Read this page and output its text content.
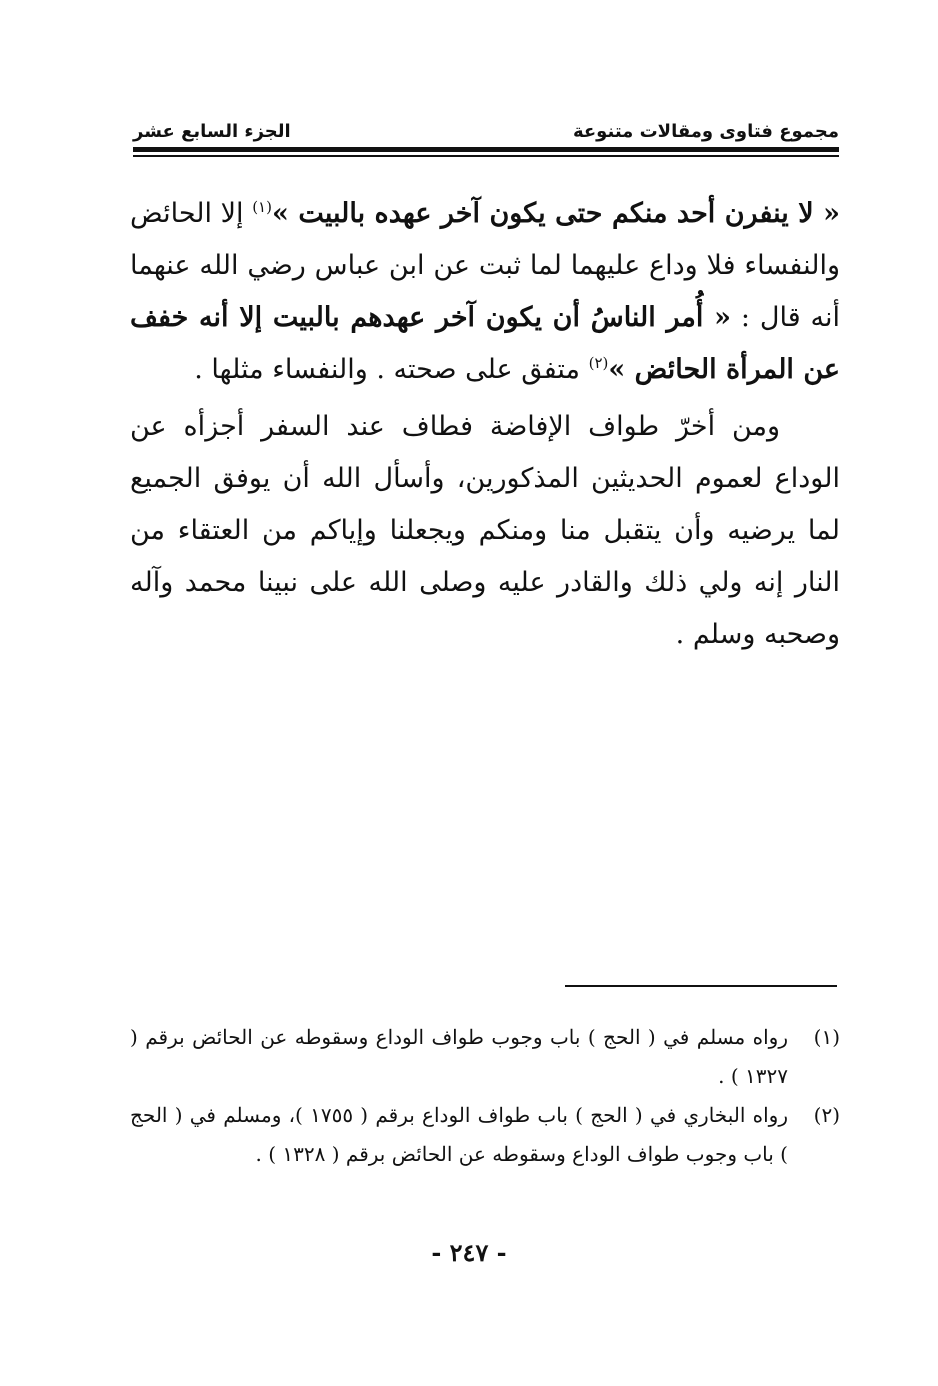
مجموع فتاوى ومقالات متنوعة
الجزء السابع عشر

« لا ينفرن أحد منكم حتى يكون آخر عهده بالبيت »$^{(١)}$ إلا الحائض والنفساء فلا وداع عليهما لما ثبت عن ابن عباس رضي الله عنهما أنه قال : « أُمر الناسُ أن يكون آخر عهدهم بالبيت إلا أنه خفف عن المرأة الحائض »$^{(٢)}$ متفق على صحته . والنفساء مثلها .

ومن أخرّ طواف الإفاضة فطاف عند السفر أجزأه عن الوداع لعموم الحديثين المذكورين، وأسأل الله أن يوفق الجميع لما يرضيه وأن يتقبل منا ومنكم ويجعلنا وإياكم من العتقاء من النار إنه ولي ذلك والقادر عليه وصلى الله على نبينا محمد وآله وصحبه وسلم .

(١)
رواه مسلم في ( الحج ) باب وجوب طواف الوداع وسقوطه عن الحائض برقم ( ١٣٢٧ ) .
(٢)
رواه البخاري في ( الحج ) باب طواف الوداع برقم ( ١٧٥٥ )، ومسلم في ( الحج ) باب وجوب طواف الوداع وسقوطه عن الحائض برقم ( ١٣٢٨ ) .
- ٢٤٧ -
